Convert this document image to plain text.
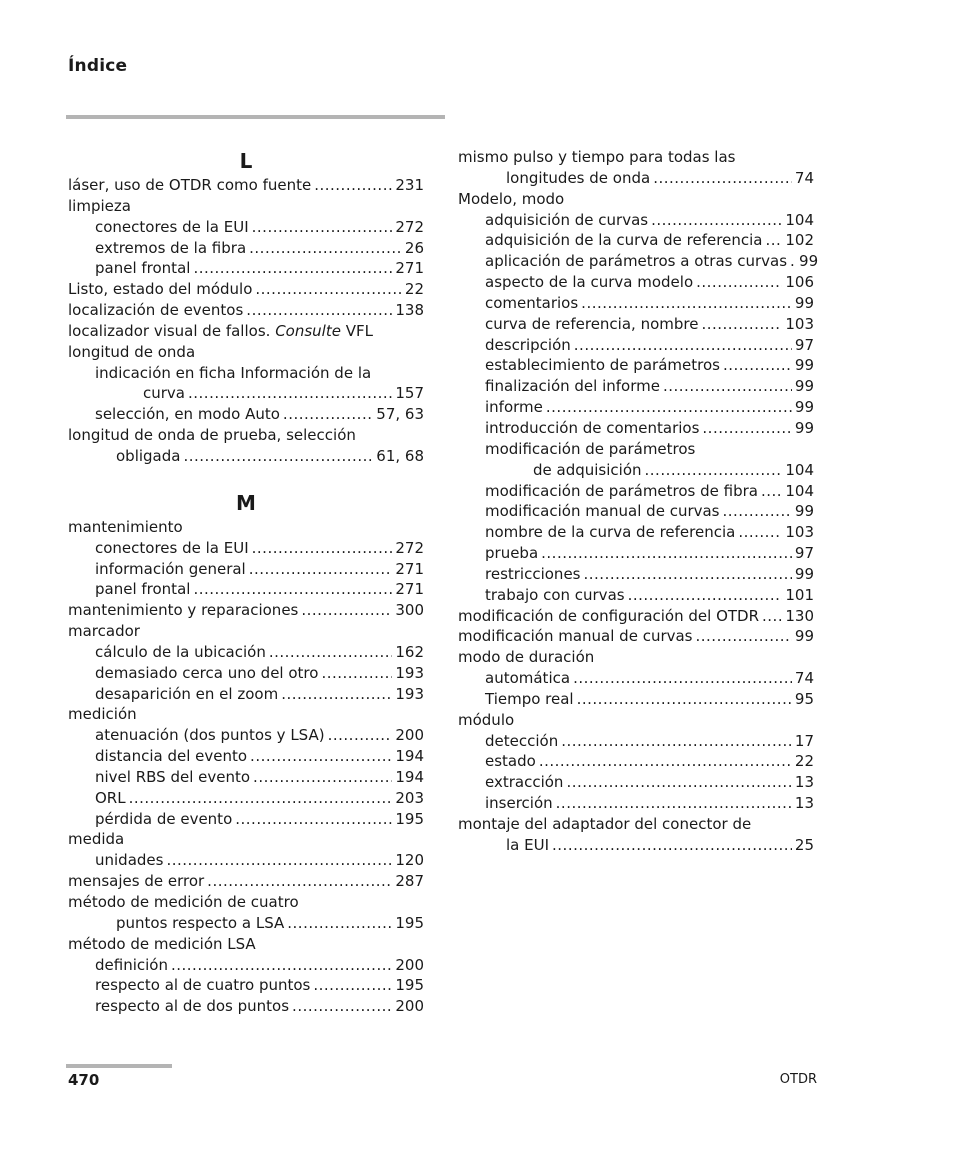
Índice
L
láser, uso de OTDR como fuente .....	231
limpieza
conectores de la EUI .....	272
extremos de la fibra .....	26
panel frontal .....	271
Listo, estado del módulo .....	22
localización de eventos .....	138
localizador visual de fallos.
Consulte
VFL
longitud de onda
indicación en ficha Información de la
curva .....	157
selección, en modo Auto .....	57, 63
longitud de onda de prueba, selección
obligada .....	61, 68
M
mantenimiento
conectores de la EUI .....	272
información general .....	271
panel frontal .....	271
mantenimiento y reparaciones .....	300
marcador
cálculo de la ubicación .....	162
demasiado cerca uno del otro .....	193
desaparición en el zoom .....	193
medición
atenuación (dos puntos y LSA) .....	200
distancia del evento .....	194
nivel RBS del evento .....	194
ORL .....	203
pérdida de evento .....	195
medida
unidades .....	120
mensajes de error .....	287
método de medición de cuatro
puntos respecto a LSA .....	195
método de medición LSA
definición .....	200
respecto al de cuatro puntos .....	195
respecto al de dos puntos .....	200
mismo pulso y tiempo para todas las
longitudes de onda .....	74
Modelo, modo
adquisición de curvas .....	104
adquisición de la curva de referencia ..... 102
aplicación de parámetros a otras curvas ..... 99
aspecto de la curva modelo .....	106
comentarios .....	99
curva de referencia, nombre .....	103
descripción .....	97
establecimiento de parámetros .....	99
finalización del informe .....	99
informe .....	99
introducción de comentarios .....	99
modificación de parámetros
de adquisición .....	104
modificación de parámetros de fibra ..... 104
modificación manual de curvas .....	99
nombre de la curva de referencia .....	103
prueba .....	97
restricciones .....	99
trabajo con curvas .....	101
modificación de configuración del OTDR ..... 130
modificación manual de curvas .....	99
modo de duración
automática .....	74
Tiempo real .....	95
módulo
detección .....	17
estado .....	22
extracción .....	13
inserción .....	13
montaje del adaptador del conector de
la EUI .....	25
470	OTDR
